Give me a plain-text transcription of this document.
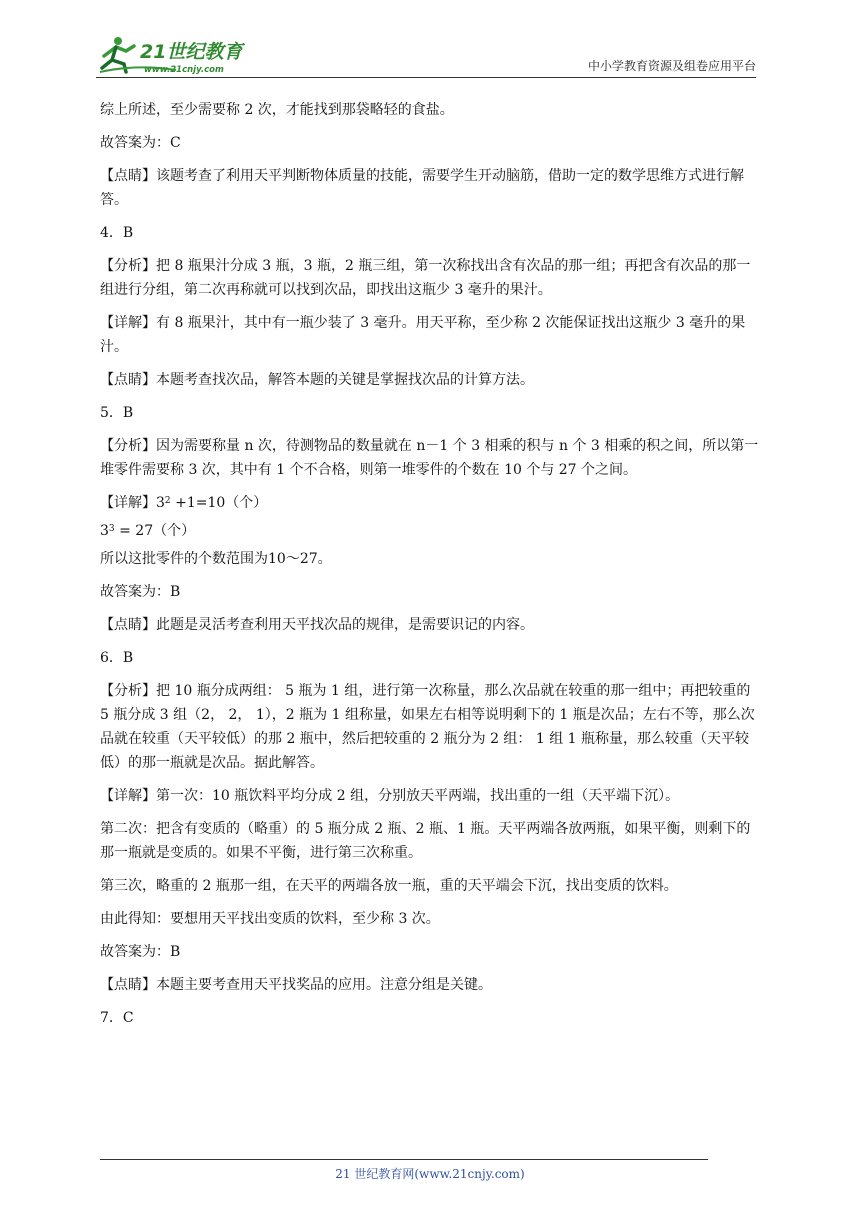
21世纪教育
www.21cnjy.com	中小学教育资源及组卷应用平台

综上所述，至少需要称 2 次，才能找到那袋略轻的食盐。

故答案为：C

【点睛】该题考查了利用天平判断物体质量的技能，需要学生开动脑筋，借助一定的数学思维方式进行解答。

4．B

【分析】把 8 瓶果汁分成 3 瓶，3 瓶，2 瓶三组，第一次称找出含有次品的那一组；再把含有次品的那一组进行分组，第二次再称就可以找到次品，即找出这瓶少 3 毫升的果汁。

【详解】有 8 瓶果汁，其中有一瓶少装了 3 毫升。用天平称，至少称 2 次能保证找出这瓶少 3 毫升的果汁。

【点睛】本题考查找次品，解答本题的关键是掌握找次品的计算方法。

5．B

【分析】因为需要称量 n 次，待测物品的数量就在 n－1 个 3 相乘的积与 n 个 3 相乘的积之间，所以第一堆零件需要称 3 次，其中有 1 个不合格，则第一堆零件的个数在 10 个与 27 个之间。

【详解】$3^2 +1=10$（个）

$3^3 = 27$（个）

所以这批零件的个数范围为10～27。

故答案为：B

【点睛】此题是灵活考查利用天平找次品的规律，是需要识记的内容。

6．B

【分析】把 10 瓶分成两组： 5 瓶为 1 组，进行第一次称量，那么次品就在较重的那一组中；再把较重的 5 瓶分成 3 组（2， 2， 1），2 瓶为 1 组称量，如果左右相等说明剩下的 1 瓶是次品；左右不等，那么次品就在较重（天平较低）的那 2 瓶中，然后把较重的 2 瓶分为 2 组： 1 组 1 瓶称量，那么较重（天平较低）的那一瓶就是次品。据此解答。

【详解】第一次：10 瓶饮料平均分成 2 组，分别放天平两端，找出重的一组（天平端下沉）。

第二次：把含有变质的（略重）的 5 瓶分成 2 瓶、2 瓶、1 瓶。天平两端各放两瓶，如果平衡，则剩下的那一瓶就是变质的。如果不平衡，进行第三次称重。

第三次，略重的 2 瓶那一组，在天平的两端各放一瓶，重的天平端会下沉，找出变质的饮料。

由此得知：要想用天平找出变质的饮料，至少称 3 次。

故答案为：B

【点睛】本题主要考查用天平找奖品的应用。注意分组是关键。

7．C

21 世纪教育网(www.21cnjy.com)
